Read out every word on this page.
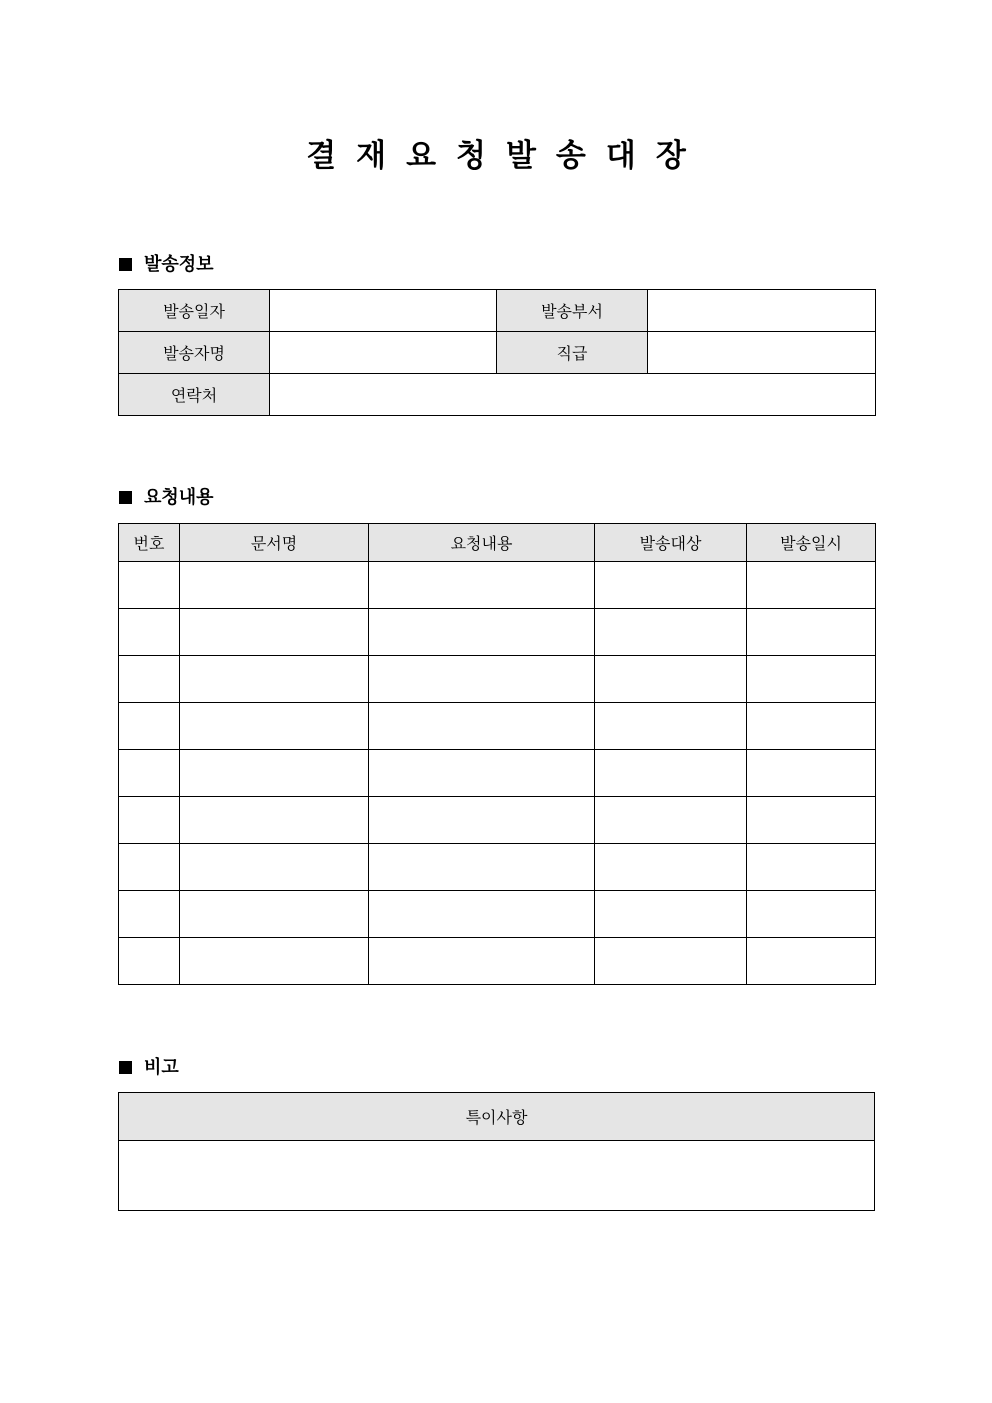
결재요청발송대장
발송정보
발송일자		발송부서	
발송자명		직급	
연락처			
요청내용
번호	문서명	요청내용	발송대상	발송일시

비고
특이사항
